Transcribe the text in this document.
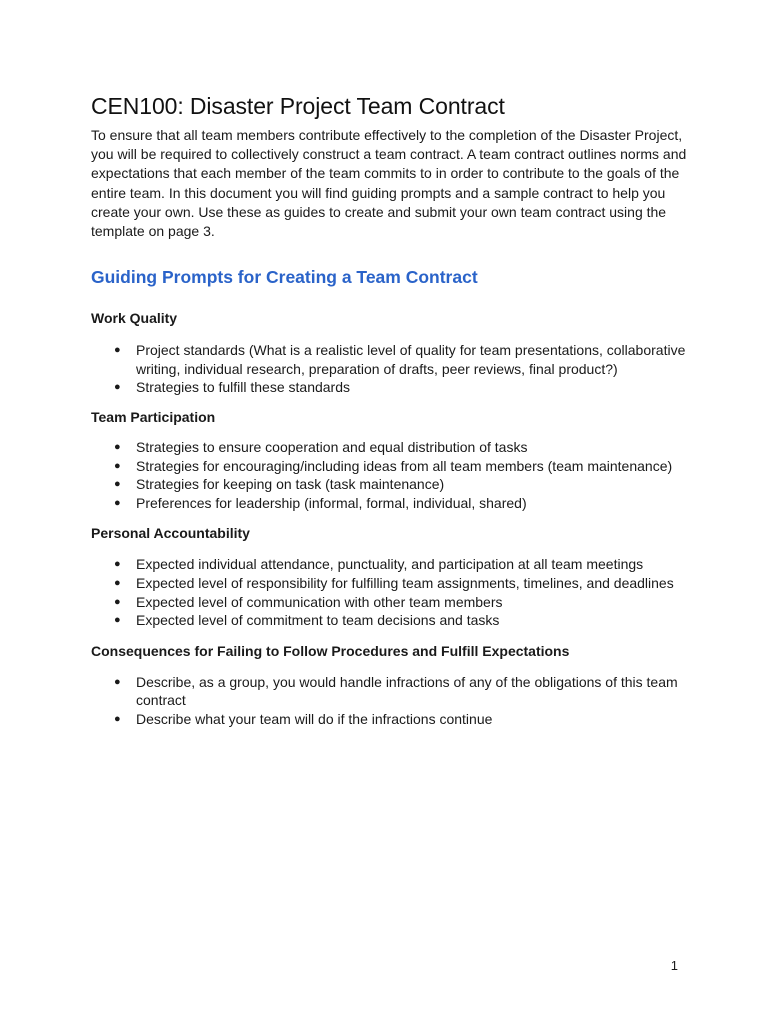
CEN100: Disaster Project Team Contract

To ensure that all team members contribute effectively to the completion of the Disaster Project, you will be required to collectively construct a team contract. A team contract outlines norms and expectations that each member of the team commits to in order to contribute to the goals of the entire team. In this document you will find guiding prompts and a sample contract to help you create your own. Use these as guides to create and submit your own team contract using the template on page 3.

Guiding Prompts for Creating a Team Contract
Work Quality
● Project standards (What is a realistic level of quality for team presentations, collaborative writing, individual research, preparation of drafts, peer reviews, final product?)
● Strategies to fulfill these standards
Team Participation
● Strategies to ensure cooperation and equal distribution of tasks
● Strategies for encouraging/including ideas from all team members (team maintenance)
● Strategies for keeping on task (task maintenance)
● Preferences for leadership (informal, formal, individual, shared)
Personal Accountability
● Expected individual attendance, punctuality, and participation at all team meetings
● Expected level of responsibility for fulfilling team assignments, timelines, and deadlines
● Expected level of communication with other team members
● Expected level of commitment to team decisions and tasks
Consequences for Failing to Follow Procedures and Fulfill Expectations
● Describe, as a group, you would handle infractions of any of the obligations of this team contract
● Describe what your team will do if the infractions continue
1
